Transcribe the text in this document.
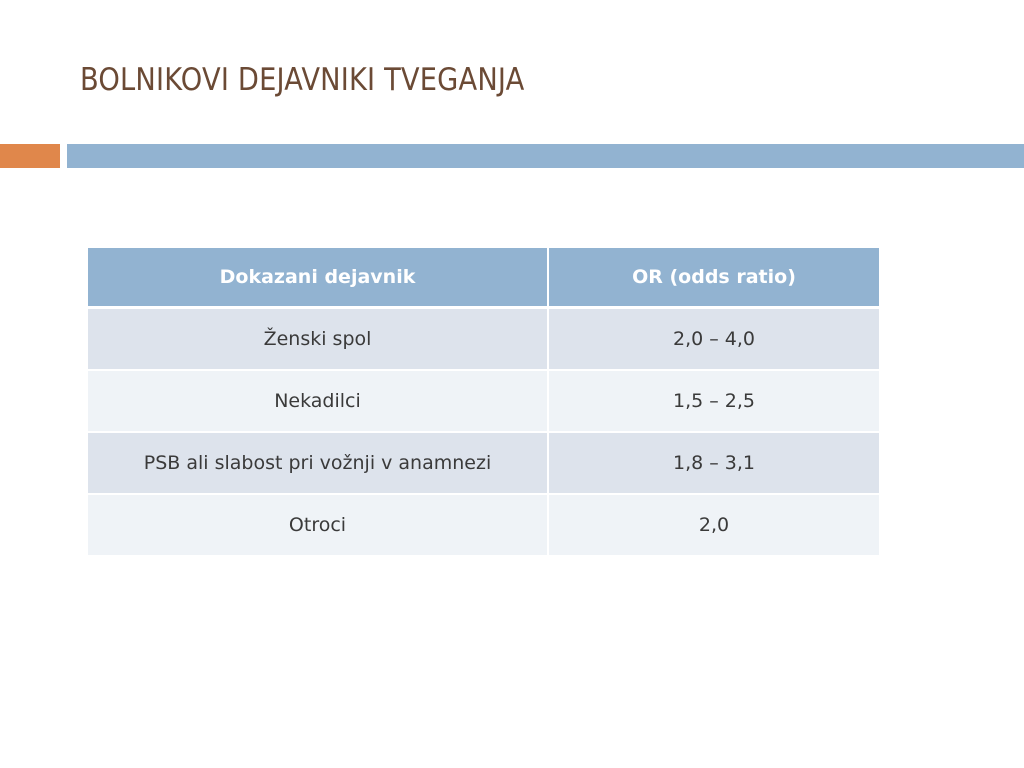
BOLNIKOVI DEJAVNIKI TVEGANJA
Dokazani dejavnik	OR (odds ratio)
Ženski spol	2,0 – 4,0
Nekadilci	1,5 – 2,5
PSB ali slabost pri vožnji v anamnezi	1,8 – 3,1
Otroci	2,0
